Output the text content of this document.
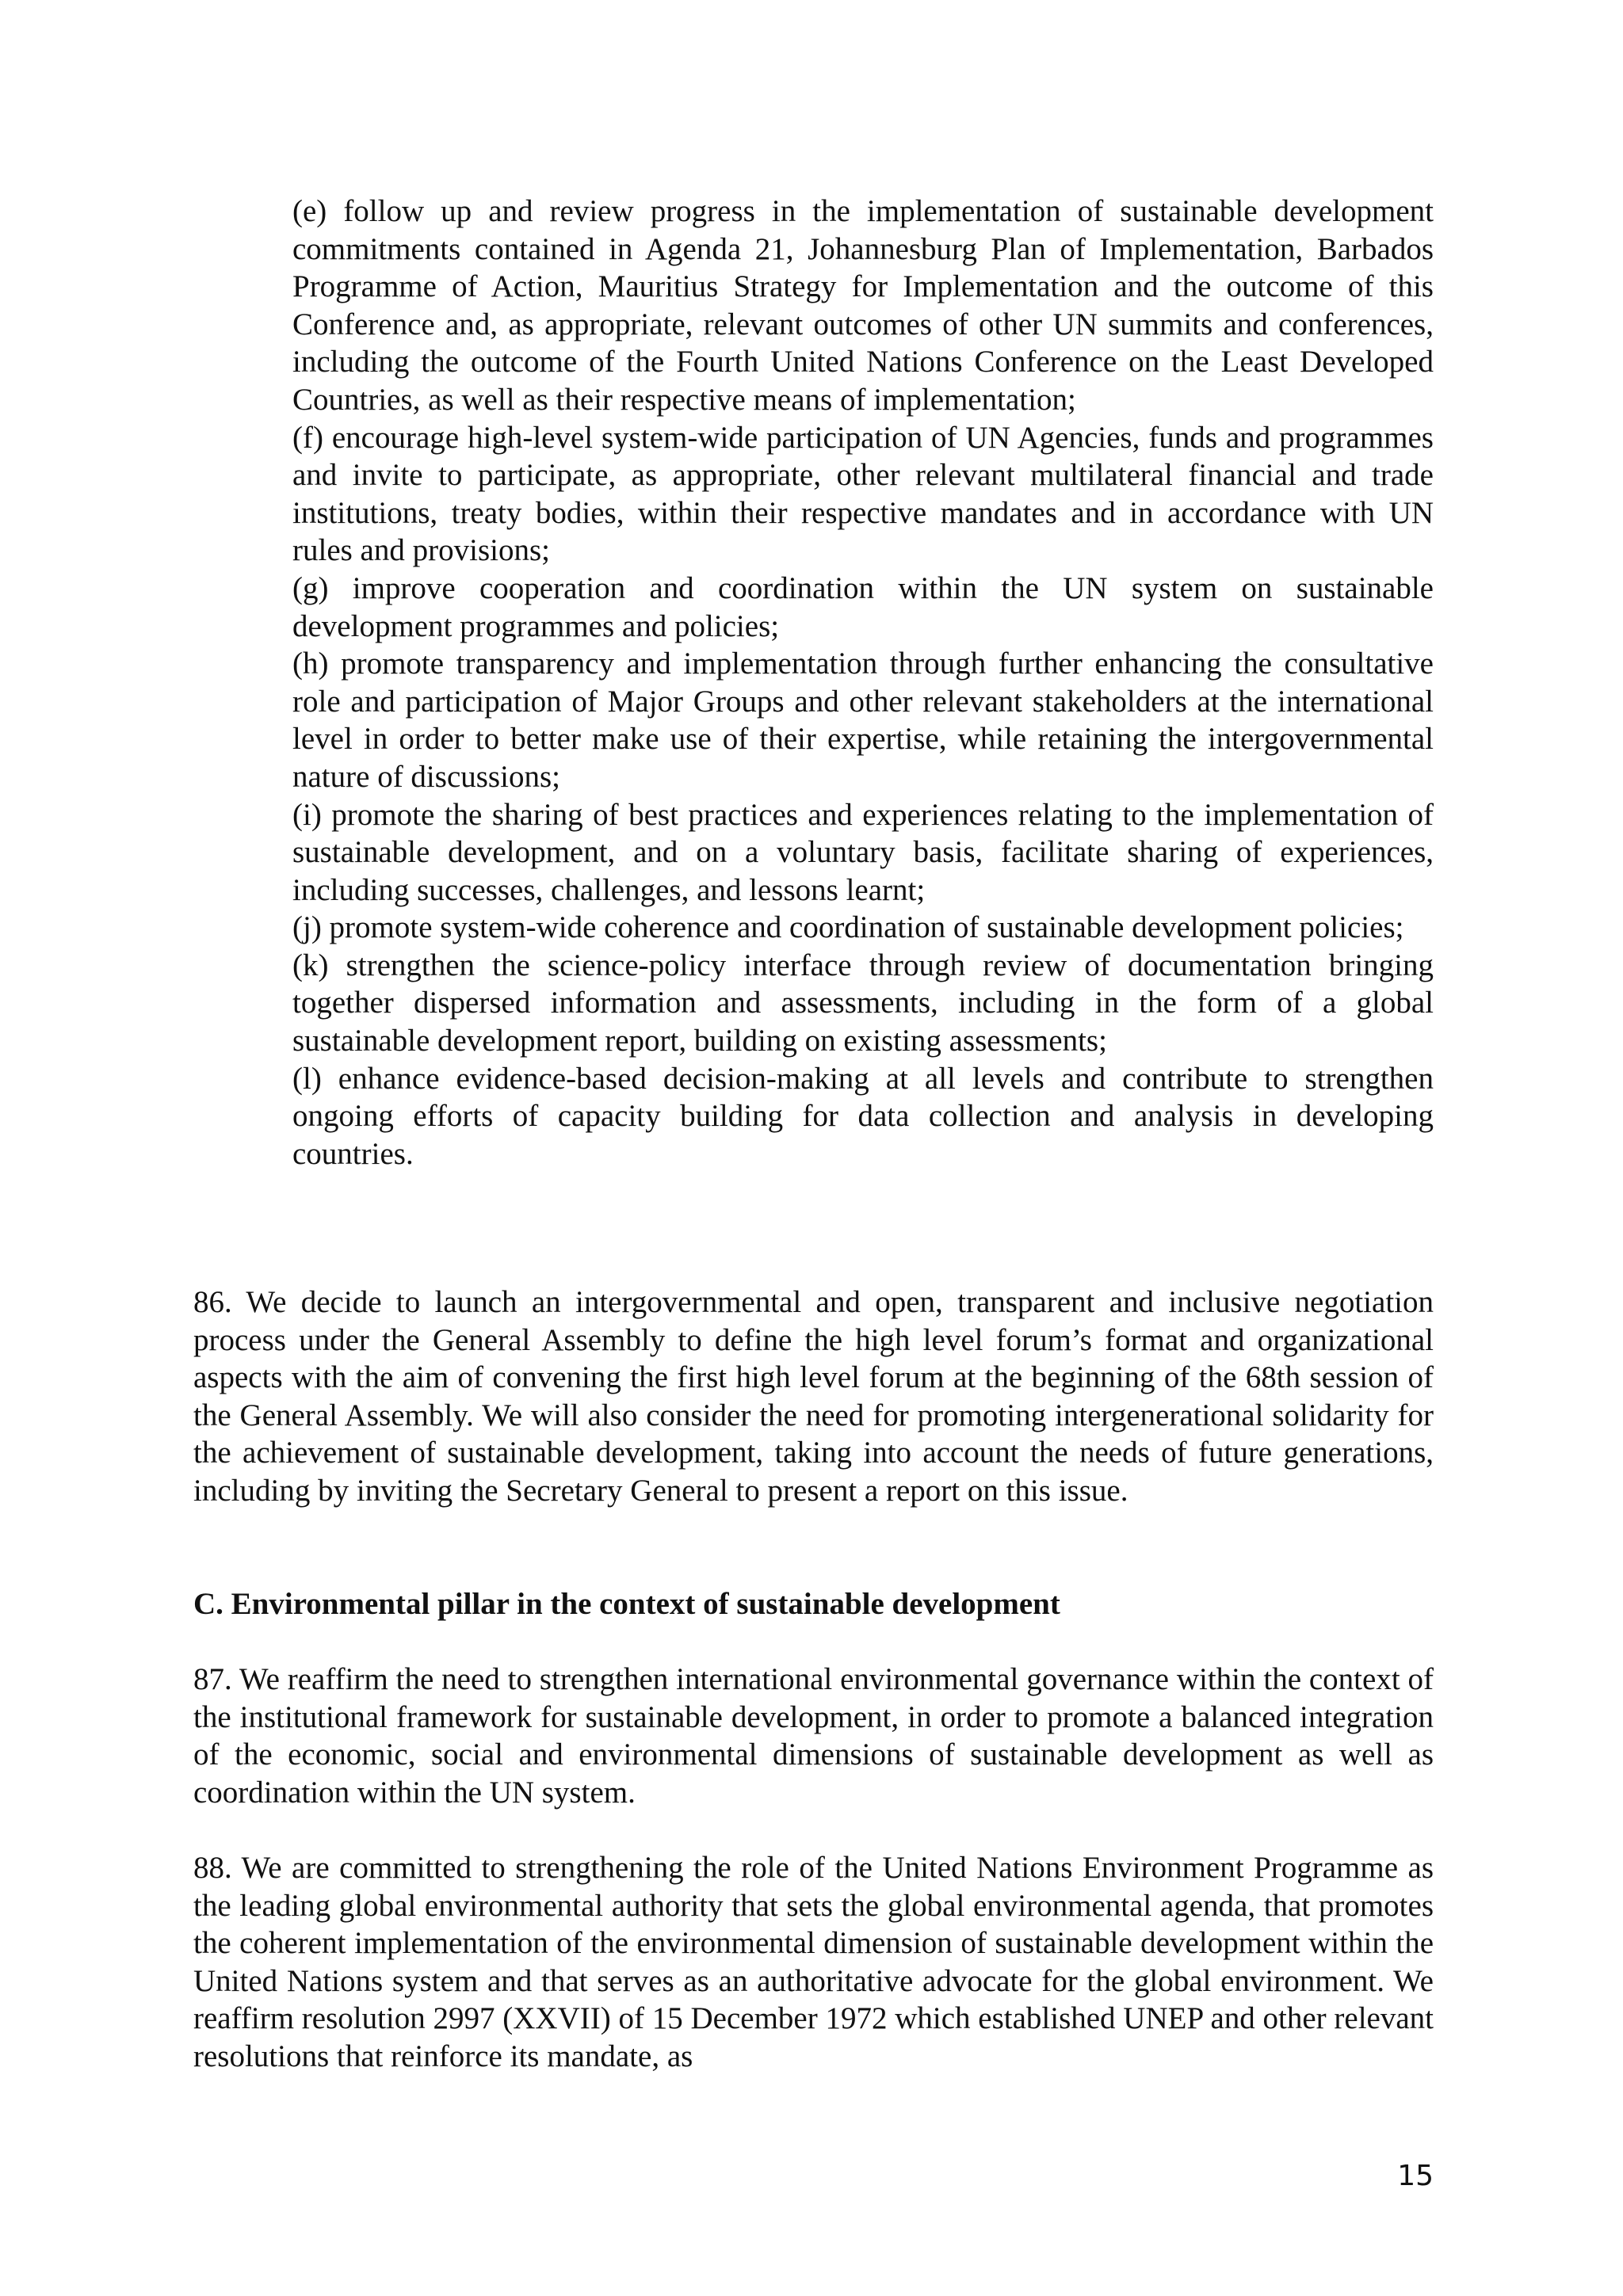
(e) follow up and review progress in the implementation of sustainable development commitments contained in Agenda 21, Johannesburg Plan of Implementation, Barbados Programme of Action, Mauritius Strategy for Implementation and the outcome of this Conference and, as appropriate, relevant outcomes of other UN summits and conferences, including the outcome of the Fourth United Nations Conference on the Least Developed Countries, as well as their respective means of implementation;

(f) encourage high-level system-wide participation of UN Agencies, funds and programmes and invite to participate, as appropriate, other relevant multilateral financial and trade institutions, treaty bodies, within their respective mandates and in accordance with UN rules and provisions;

(g) improve cooperation and coordination within the UN system on sustainable development programmes and policies;

(h) promote transparency and implementation through further enhancing the consultative role and participation of Major Groups and other relevant stakeholders at the international level in order to better make use of their expertise, while retaining the intergovernmental nature of discussions;

(i) promote the sharing of best practices and experiences relating to the implementation of sustainable development, and on a voluntary basis, facilitate sharing of experiences, including successes, challenges, and lessons learnt;

(j) promote system-wide coherence and coordination of sustainable development policies;

(k) strengthen the science-policy interface through review of documentation bringing together dispersed information and assessments, including in the form of a global sustainable development report, building on existing assessments;

(l) enhance evidence-based decision-making at all levels and contribute to strengthen ongoing efforts of capacity building for data collection and analysis in developing countries.

86. We decide to launch an intergovernmental and open, transparent and inclusive negotiation process under the General Assembly to define the high level forum’s format and organizational aspects with the aim of convening the first high level forum at the beginning of the 68th session of the General Assembly. We will also consider the need for promoting intergenerational solidarity for the achievement of sustainable development, taking into account the needs of future generations, including by inviting the Secretary General to present a report on this issue.

C. Environmental pillar in the context of sustainable development

87. We reaffirm the need to strengthen international environmental governance within the context of the institutional framework for sustainable development, in order to promote a balanced integration of the economic, social and environmental dimensions of sustainable development as well as coordination within the UN system.

88. We are committed to strengthening the role of the United Nations Environment Programme as the leading global environmental authority that sets the global environmental agenda, that promotes the coherent implementation of the environmental dimension of sustainable development within the United Nations system and that serves as an authoritative advocate for the global environment. We reaffirm resolution 2997 (XXVII) of 15 December 1972 which established UNEP and other relevant resolutions that reinforce its mandate, as

15
